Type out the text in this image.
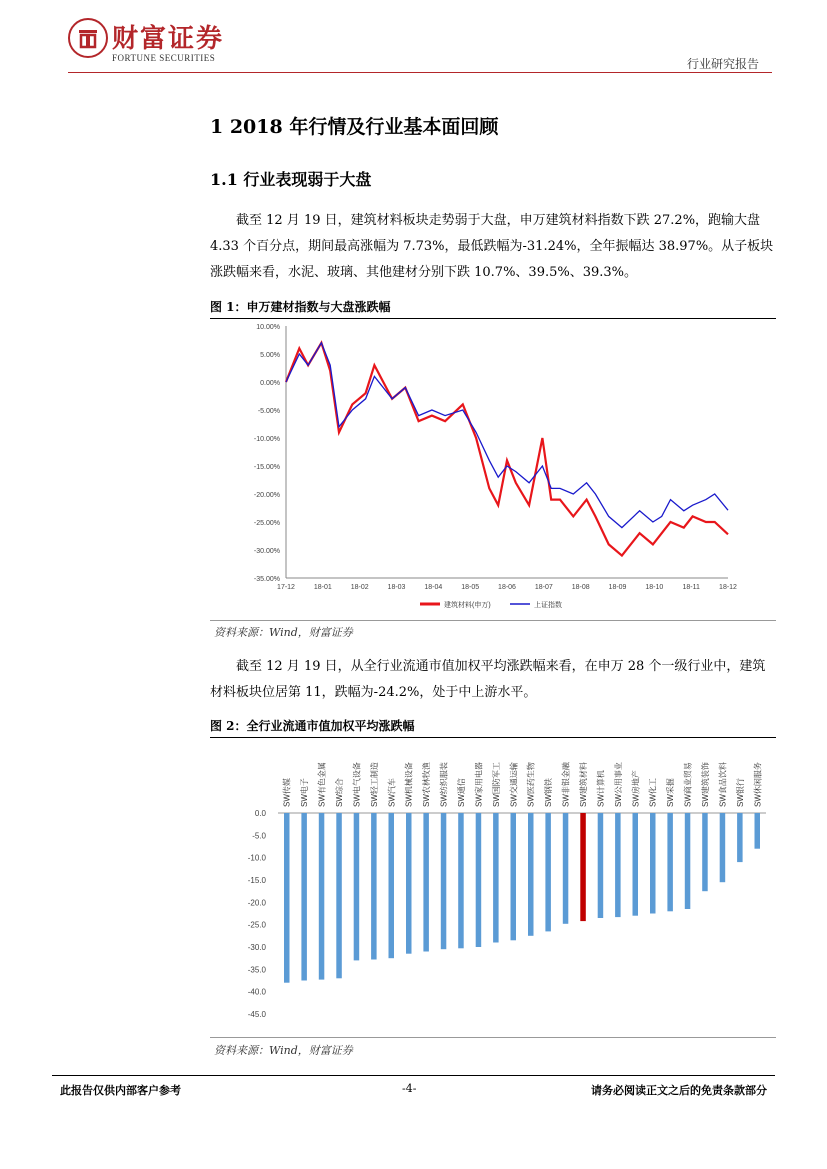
财富证券
FORTUNE SECURITIES	行业研究报告
1 2018 年行情及行业基本面回顾
1.1 行业表现弱于大盘

截至 12 月 19 日，建筑材料板块走势弱于大盘，申万建筑材料指数下跌 27.2%，跑输大盘 4.33 个百分点，期间最高涨幅为 7.73%，最低跌幅为-31.24%，全年振幅达 38.97%。从子板块涨跌幅来看，水泥、玻璃、其他建材分别下跌 10.7%、39.5%、39.3%。

图 1：申万建材指数与大盘涨跌幅
10.00%
5.00%
0.00%
-5.00%
-10.00%
-15.00%
-20.00%
-25.00%
-30.00%
-35.00%
17-12	18-01	18-02	18-03	18-04	18-05	18-06	18-07	18-08	18-09	18-10	18-11	18-12
建筑材料(申万)	上证指数
资料来源：Wind，财富证券

截至 12 月 19 日，从全行业流通市值加权平均涨跌幅来看，在申万 28 个一级行业中，建筑材料板块位居第 11，跌幅为-24.2%，处于中上游水平。

图 2：全行业流通市值加权平均涨跌幅
0.0
-5.0
-10.0
-15.0
-20.0
-25.0
-30.0
-35.0
-40.0
-45.0
SW传媒 SW电子 SW有色金属 SW综合 SW电气设备 SW轻工制造 SW汽车 SW机械设备 SW农林牧渔 SW纺织服装 SW通信 SW家用电器 SW国防军工 SW交通运输 SW医药生物 SW钢铁 SW非银金融 SW建筑材料 SW计算机 SW公用事业 SW房地产 SW化工 SW采掘 SW商业贸易 SW建筑装饰 SW食品饮料 SW银行 SW休闲服务
资料来源：Wind，财富证券
此报告仅供内部客户参考	-4-	请务必阅读正文之后的免责条款部分
